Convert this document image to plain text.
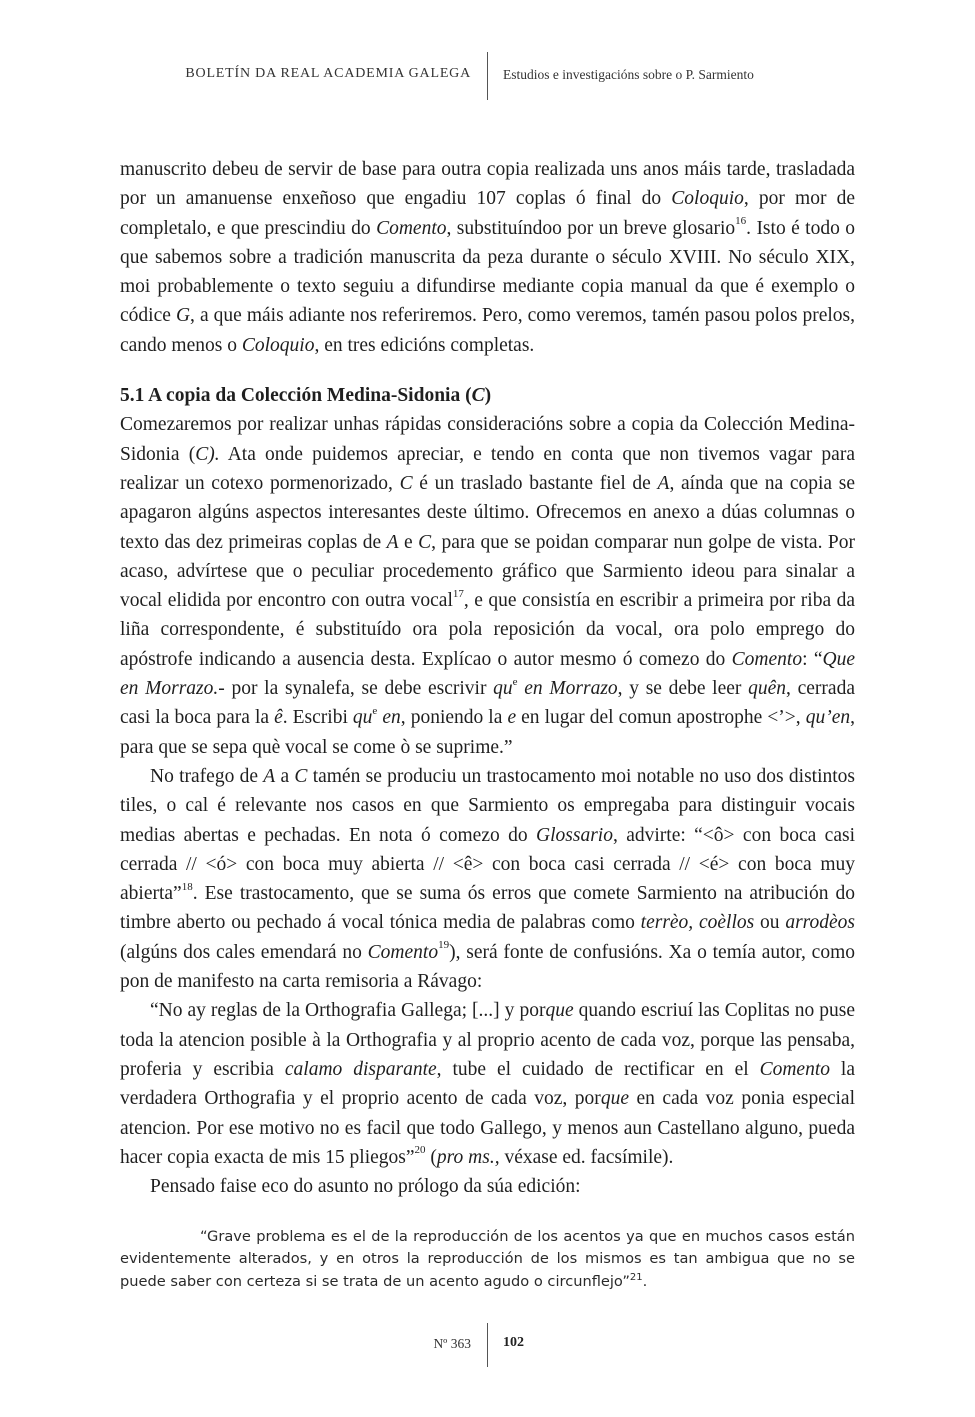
BOLETÍN DA REAL ACADEMIA GALEGA Estudios e investigacións sobre o P. Sarmiento

manuscrito debeu de servir de base para outra copia realizada uns anos máis tarde, trasladada por un amanuense enxeñoso que engadiu 107 coplas ó final do Coloquio, por mor de completalo, e que prescindiu do Comento, substituíndoo por un breve glosario$^{16}$. Isto é todo o que sabemos sobre a tradición manuscrita da peza durante o século XVIII. No século XIX, moi probablemente o texto seguiu a difundirse mediante copia manual da que é exemplo o códice G, a que máis adiante nos referiremos. Pero, como veremos, tamén pasou polos prelos, cando menos o Coloquio, en tres edicións completas.

5.1 A copia da Colección Medina-Sidonia (C)

Comezaremos por realizar unhas rápidas consideracións sobre a copia da Colección Medina-Sidonia (C). Ata onde puidemos apreciar, e tendo en conta que non tivemos vagar para realizar un cotexo pormenorizado, C é un traslado bastante fiel de A, aínda que na copia se apagaron algúns aspectos interesantes deste último. Ofrecemos en anexo a dúas columnas o texto das dez primeiras coplas de A e C, para que se poidan comparar nun golpe de vista. Por acaso, advírtese que o peculiar procedemento gráfico que Sarmiento ideou para sinalar a vocal elidida por encontro con outra vocal$^{17}$, e que consistía en escribir a primeira por riba da liña correspondente, é substituído ora pola reposición da vocal, ora polo emprego do apóstrofe indicando a ausencia desta. Explícao o autor mesmo ó comezo do Comento: “Que en Morrazo.- por la synalefa, se debe escrivir $qu^e$ en Morrazo, y se debe leer quên, cerrada casi la boca para la ê. Escribi $qu^e$ en, poniendo la e en lugar del comun apostrophe <’>, qu’en, para que se sepa què vocal se come ò se suprime.”

No trafego de A a C tamén se produciu un trastocamento moi notable no uso dos distintos tiles, o cal é relevante nos casos en que Sarmiento os empregaba para distinguir vocais medias abertas e pechadas. En nota ó comezo do Glossario, advirte: “<ô> con boca casi cerrada // <ó> con boca muy abierta // <ê> con boca casi cerrada // <é> con boca muy abierta”$^{18}$. Ese trastocamento, que se suma ós erros que comete Sarmiento na atribución do timbre aberto ou pechado á vocal tónica media de palabras como terrèo, coèllos ou arrodèos (algúns dos cales emendará no Comento$^{19}$), será fonte de confusións. Xa o temía autor, como pon de manifesto na carta remisoria a Rávago:

“No ay reglas de la Orthografia Gallega; [...] y porque quando escriuí las Coplitas no puse toda la atencion posible à la Orthografia y al proprio acento de cada voz, porque las pensaba, proferia y escribia calamo disparante, tube el cuidado de rectificar en el Comento la verdadera Orthografia y el proprio acento de cada voz, porque en cada voz ponia especial atencion. Por ese motivo no es facil que todo Gallego, y menos aun Castellano alguno, pueda hacer copia exacta de mis 15 pliegos”$^{20}$ (pro ms., véxase ed. facsímile).

Pensado faise eco do asunto no prólogo da súa edición:

“Grave problema es el de la reproducción de los acentos ya que en muchos casos están evidentemente alterados, y en otros la reproducción de los mismos es tan ambigua que no se puede saber con certeza si se trata de un acento agudo o circunflejo”$^{21}$.

Nº 363 102
